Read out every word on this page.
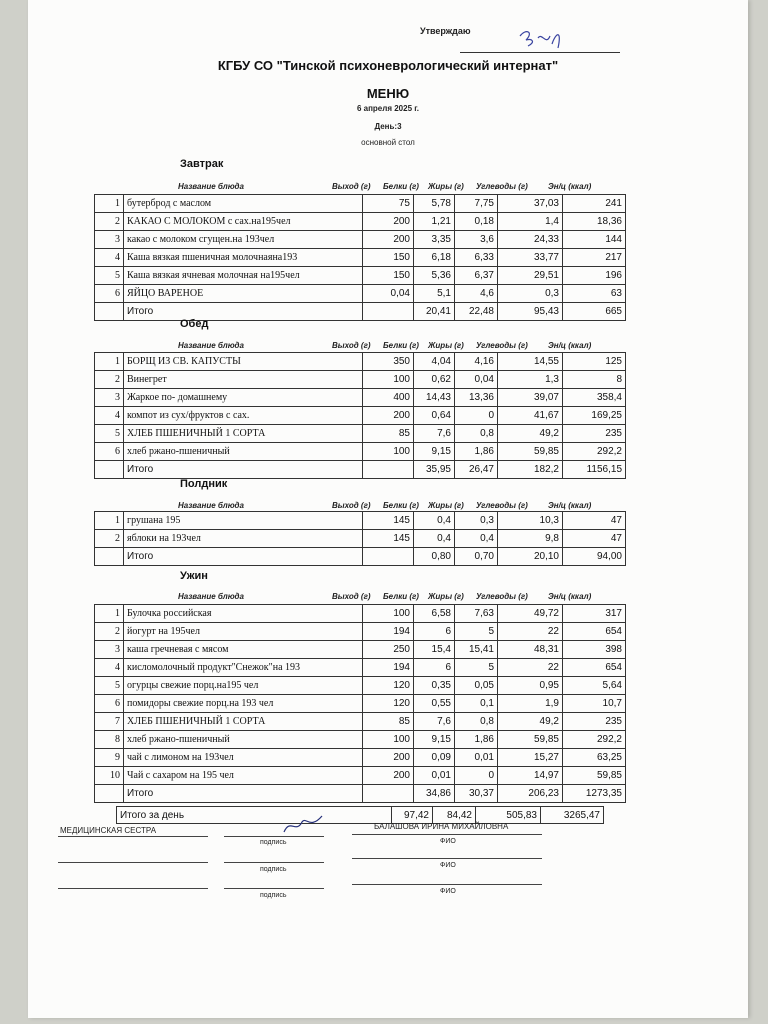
Утверждаю
КГБУ СО "Тинской психоневрологический интернат"
МЕНЮ
6 апреля 2025 г.
День:3
основной стол
Завтрак
Название блюда	Выход (г) Белки (г) Жиры (г) Углеводы (г)	Эн/ц (ккал)
1	бутерброд с маслом	75	5,78	7,75	37,03	241
2	КАКАО С МОЛОКОМ с сах.на195чел	200	1,21	0,18	1,4	18,36
3	какао с молоком сгущен.на 193чел	200	3,35	3,6	24,33	144
4	Каша вязкая пшеничная молочнаяна193	150	6,18	6,33	33,77	217
5	Каша вязкая ячневая молочная на195чел	150	5,36	6,37	29,51	196
6	ЯЙЦО ВАРЕНОЕ	0,04	5,1	4,6	0,3	63
	Итого		20,41	22,48	95,43	665
Обед
Название блюда	Выход (г) Белки (г) Жиры (г) Углеводы (г)	Эн/ц (ккал)
1	БОРЩ ИЗ СВ. КАПУСТЫ	350	4,04	4,16	14,55	125
2	Винегрет	100	0,62	0,04	1,3	8
3	Жаркое по- домашнему	400	14,43	13,36	39,07	358,4
4	компот из сух/фруктов с сах.	200	0,64	0	41,67	169,25
5	ХЛЕБ ПШЕНИЧНЫЙ 1 СОРТА	85	7,6	0,8	49,2	235
6	хлеб ржано-пшеничный	100	9,15	1,86	59,85	292,2
	Итого		35,95	26,47	182,2	1156,15
Полдник
Название блюда	Выход (г) Белки (г) Жиры (г) Углеводы (г)	Эн/ц (ккал)
1	грушана 195	145	0,4	0,3	10,3	47
2	яблоки на 193чел	145	0,4	0,4	9,8	47
	Итого		0,80	0,70	20,10	94,00
Ужин
Название блюда	Выход (г) Белки (г) Жиры (г) Углеводы (г)	Эн/ц (ккал)
1	Булочка российская	100	6,58	7,63	49,72	317
2	йогурт на 195чел	194	6	5	22	654
3	каша гречневая с мясом	250	15,4	15,41	48,31	398
4	кисломолочный продукт"Снежок"на 193	194	6	5	22	654
5	огурцы свежие порц.на195 чел	120	0,35	0,05	0,95	5,64
6	помидоры свежие порц.на 193 чел	120	0,55	0,1	1,9	10,7
7	ХЛЕБ ПШЕНИЧНЫЙ 1 СОРТА	85	7,6	0,8	49,2	235
8	хлеб ржано-пшеничный	100	9,15	1,86	59,85	292,2
9	чай с лимоном на 193чел	200	0,09	0,01	15,27	63,25
10	Чай с сахаром на 195 чел	200	0,01	0	14,97	59,85
	Итого		34,86	30,37	206,23	1273,35
Итого за день	97,42	84,42	505,83	3265,47
МЕДИЦИНСКАЯ СЕСТРА
подпись
БАЛАШОВА ИРИНА МИХАЙЛОВНА
ФИО
подпись
ФИО
подпись
ФИО
